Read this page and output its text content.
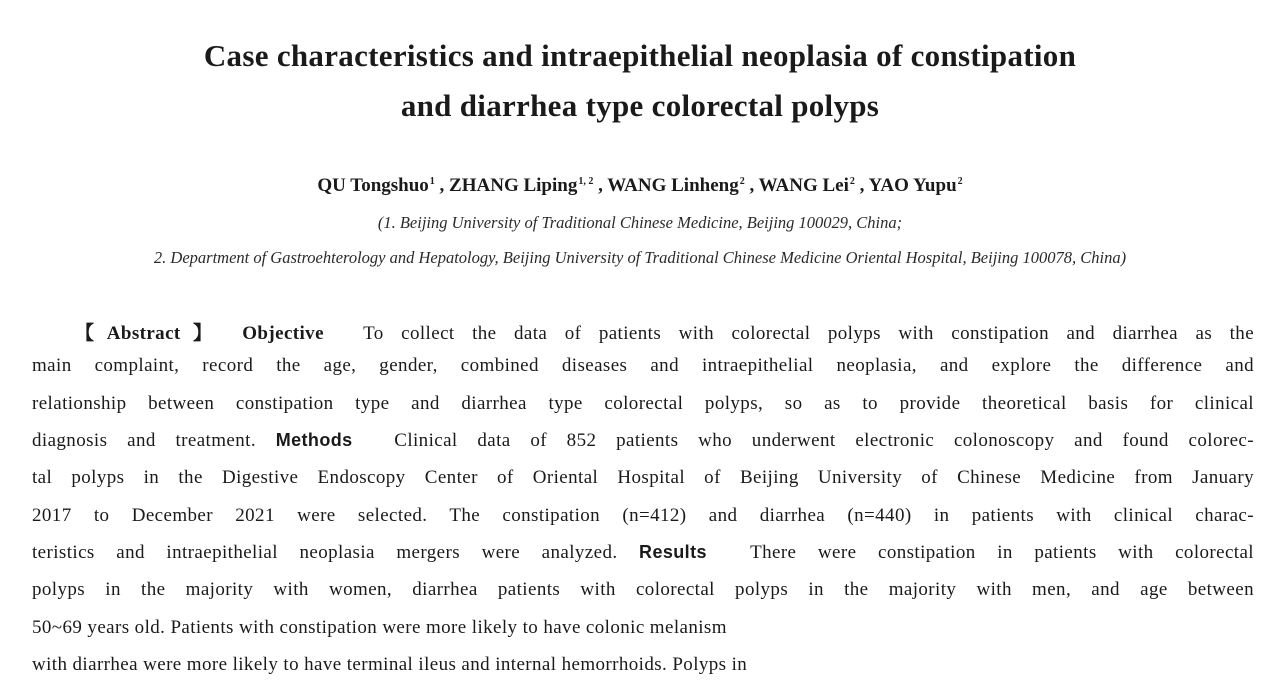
Case characteristics and intraepithelial neoplasia of constipation
and diarrhea type colorectal polyps
QU Tongshuo$^1$ , ZHANG Liping$^{1, 2}$ , WANG Linheng$^2$ , WANG Lei$^2$ , YAO Yupu$^2$
(1. Beijing University of Traditional Chinese Medicine, Beijing 100029, China;
2. Department of Gastroehterology and Hepatology, Beijing University of Traditional Chinese Medicine Oriental Hospital, Beijing 100078, China)
【Abstract】 Objective To collect the data of patients with colorectal polyps with constipation and diarrhea as the
main complaint, record the age, gender, combined diseases and intraepithelial neoplasia, and explore the difference and
relationship between constipation type and diarrhea type colorectal polyps, so as to provide theoretical basis for clinical
diagnosis and treatment. Methods Clinical data of 852 patients who underwent electronic colonoscopy and found colorec-
tal polyps in the Digestive Endoscopy Center of Oriental Hospital of Beijing University of Chinese Medicine from January
2017 to December 2021 were selected. The constipation (n=412) and diarrhea (n=440) in patients with clinical charac-
teristics and intraepithelial neoplasia mergers were analyzed. Results There were constipation in patients with colorectal
polyps in the majority with women, diarrhea patients with colorectal polyps in the majority with men, and age between
50~69 years old. Patients with constipation were more likely to have colonic melanism
with diarrhea were more likely to have terminal ileus and internal hemorrhoids. Polyps in
